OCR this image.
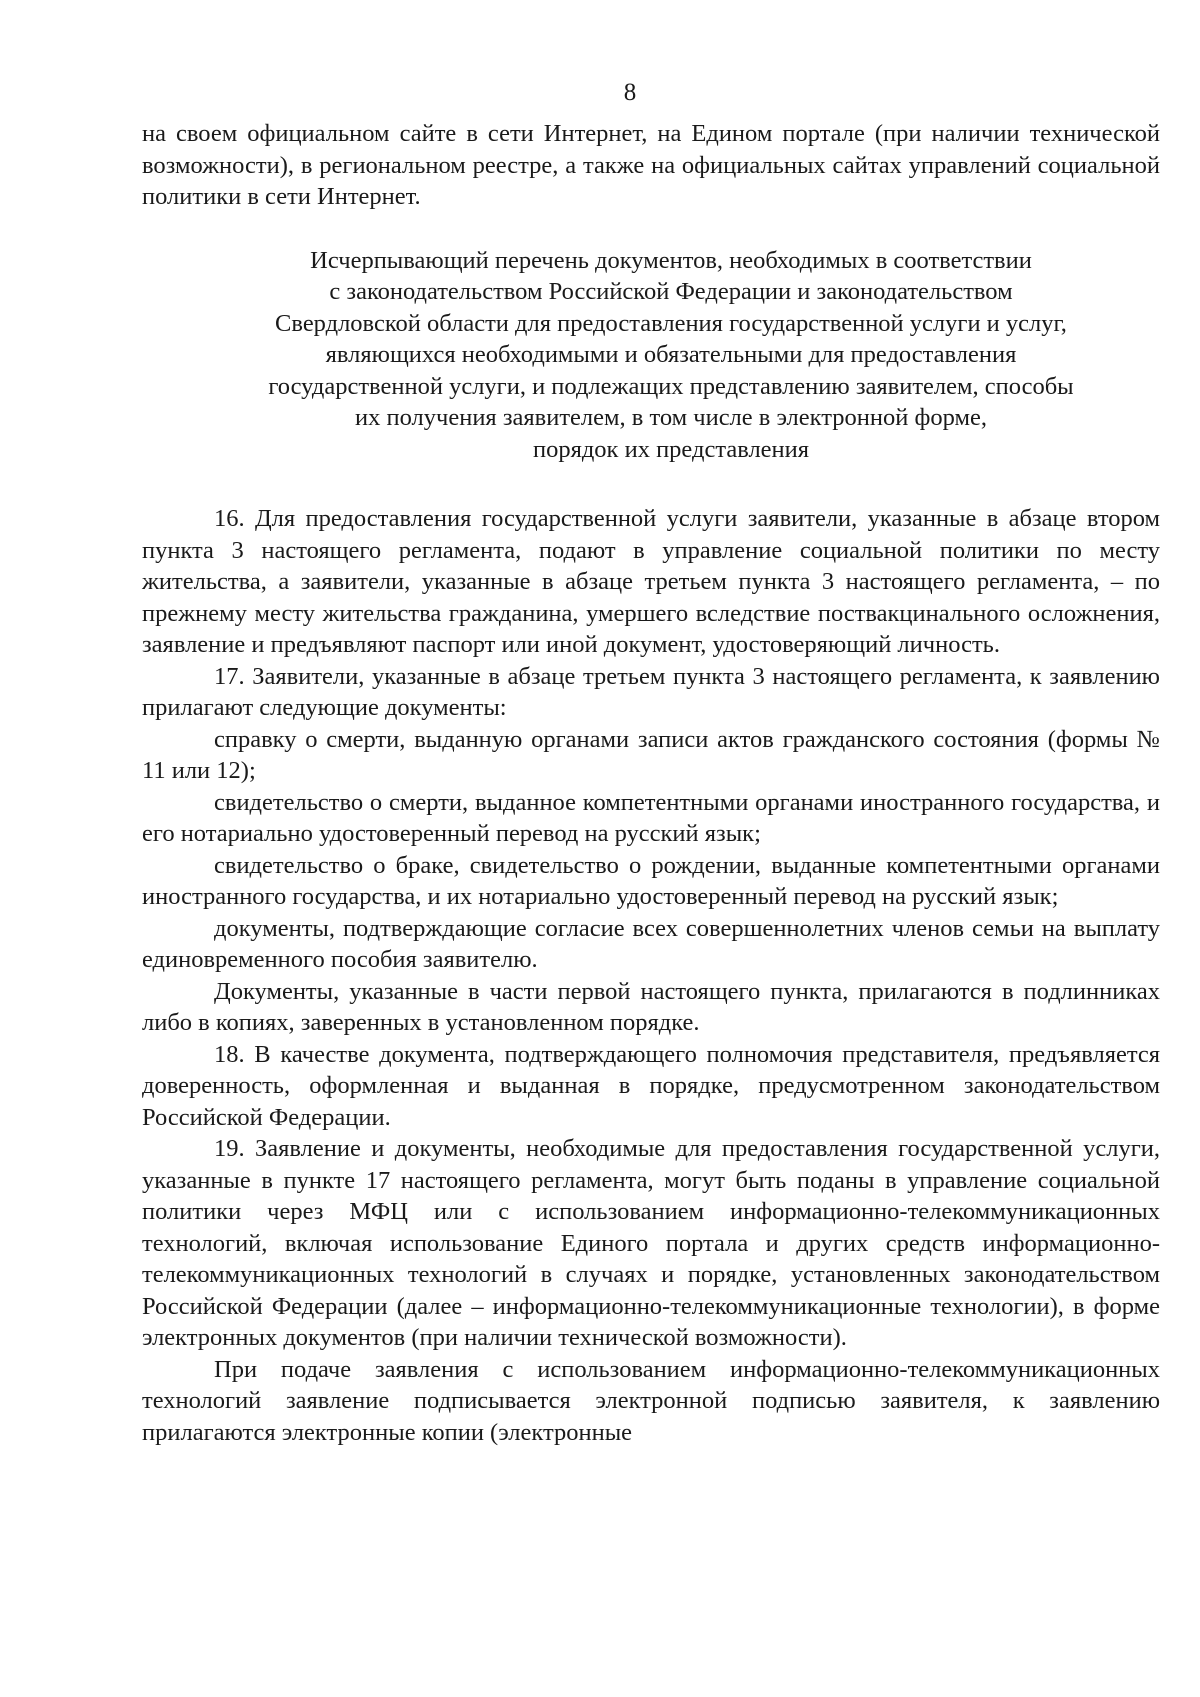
8

на своем официальном сайте в сети Интернет, на Едином портале (при наличии технической возможности), в региональном реестре, а также на официальных сайтах управлений социальной политики в сети Интернет.

Исчерпывающий перечень документов, необходимых в соответствии
с законодательством Российской Федерации и законодательством
Свердловской области для предоставления государственной услуги и услуг,
являющихся необходимыми и обязательными для предоставления
государственной услуги, и подлежащих представлению заявителем, способы
их получения заявителем, в том числе в электронной форме,
порядок их представления

16. Для предоставления государственной услуги заявители, указанные в абзаце втором пункта 3 настоящего регламента, подают в управление социальной политики по месту жительства, а заявители, указанные в абзаце третьем пункта 3 настоящего регламента, – по прежнему месту жительства гражданина, умершего вследствие поствакцинального осложнения, заявление и предъявляют паспорт или иной документ, удостоверяющий личность.

17. Заявители, указанные в абзаце третьем пункта 3 настоящего регламента, к заявлению прилагают следующие документы:

справку о смерти, выданную органами записи актов гражданского состояния (формы № 11 или 12);

свидетельство о смерти, выданное компетентными органами иностранного государства, и его нотариально удостоверенный перевод на русский язык;

свидетельство о браке, свидетельство о рождении, выданные компетентными органами иностранного государства, и их нотариально удостоверенный перевод на русский язык;

документы, подтверждающие согласие всех совершеннолетних членов семьи на выплату единовременного пособия заявителю.

Документы, указанные в части первой настоящего пункта, прилагаются в подлинниках либо в копиях, заверенных в установленном порядке.

18. В качестве документа, подтверждающего полномочия представителя, предъявляется доверенность, оформленная и выданная в порядке, предусмотренном законодательством Российской Федерации.

19. Заявление и документы, необходимые для предоставления государственной услуги, указанные в пункте 17 настоящего регламента, могут быть поданы в управление социальной политики через МФЦ или с использованием информационно-телекоммуникационных технологий, включая использование Единого портала и других средств информационно-телекоммуникационных технологий в случаях и порядке, установленных законодательством Российской Федерации (далее – информационно-телекоммуникационные технологии), в форме электронных документов (при наличии технической возможности).

При подаче заявления с использованием информационно-телекоммуникационных технологий заявление подписывается электронной подписью заявителя, к заявлению прилагаются электронные копии (электронные
